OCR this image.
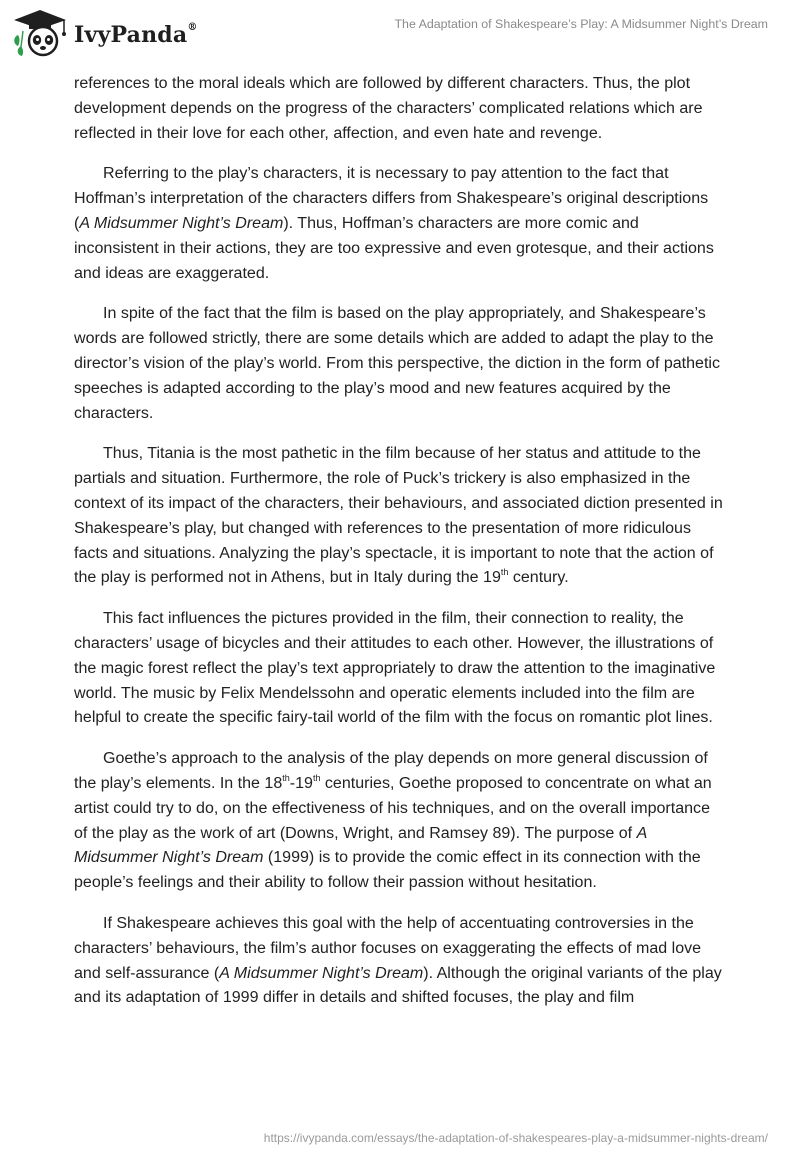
IvyPanda®	The Adaptation of Shakespeare’s Play: A Midsummer Night’s Dream

references to the moral ideals which are followed by different characters. Thus, the plot development depends on the progress of the characters’ complicated relations which are reflected in their love for each other, affection, and even hate and revenge.

Referring to the play’s characters, it is necessary to pay attention to the fact that Hoffman’s interpretation of the characters differs from Shakespeare’s original descriptions (A Midsummer Night’s Dream). Thus, Hoffman’s characters are more comic and inconsistent in their actions, they are too expressive and even grotesque, and their actions and ideas are exaggerated.

In spite of the fact that the film is based on the play appropriately, and Shakespeare’s words are followed strictly, there are some details which are added to adapt the play to the director’s vision of the play’s world. From this perspective, the diction in the form of pathetic speeches is adapted according to the play’s mood and new features acquired by the characters.

Thus, Titania is the most pathetic in the film because of her status and attitude to the partials and situation. Furthermore, the role of Puck’s trickery is also emphasized in the context of its impact of the characters, their behaviours, and associated diction presented in Shakespeare’s play, but changed with references to the presentation of more ridiculous facts and situations. Analyzing the play’s spectacle, it is important to note that the action of the play is performed not in Athens, but in Italy during the 19th century.

This fact influences the pictures provided in the film, their connection to reality, the characters’ usage of bicycles and their attitudes to each other. However, the illustrations of the magic forest reflect the play’s text appropriately to draw the attention to the imaginative world. The music by Felix Mendelssohn and operatic elements included into the film are helpful to create the specific fairy-tail world of the film with the focus on romantic plot lines.

Goethe’s approach to the analysis of the play depends on more general discussion of the play’s elements. In the 18th-19th centuries, Goethe proposed to concentrate on what an artist could try to do, on the effectiveness of his techniques, and on the overall importance of the play as the work of art (Downs, Wright, and Ramsey 89). The purpose of A Midsummer Night’s Dream (1999) is to provide the comic effect in its connection with the people’s feelings and their ability to follow their passion without hesitation.

If Shakespeare achieves this goal with the help of accentuating controversies in the characters’ behaviours, the film’s author focuses on exaggerating the effects of mad love and self-assurance (A Midsummer Night’s Dream). Although the original variants of the play and its adaptation of 1999 differ in details and shifted focuses, the play and film

https://ivypanda.com/essays/the-adaptation-of-shakespeares-play-a-midsummer-nights-dream/
